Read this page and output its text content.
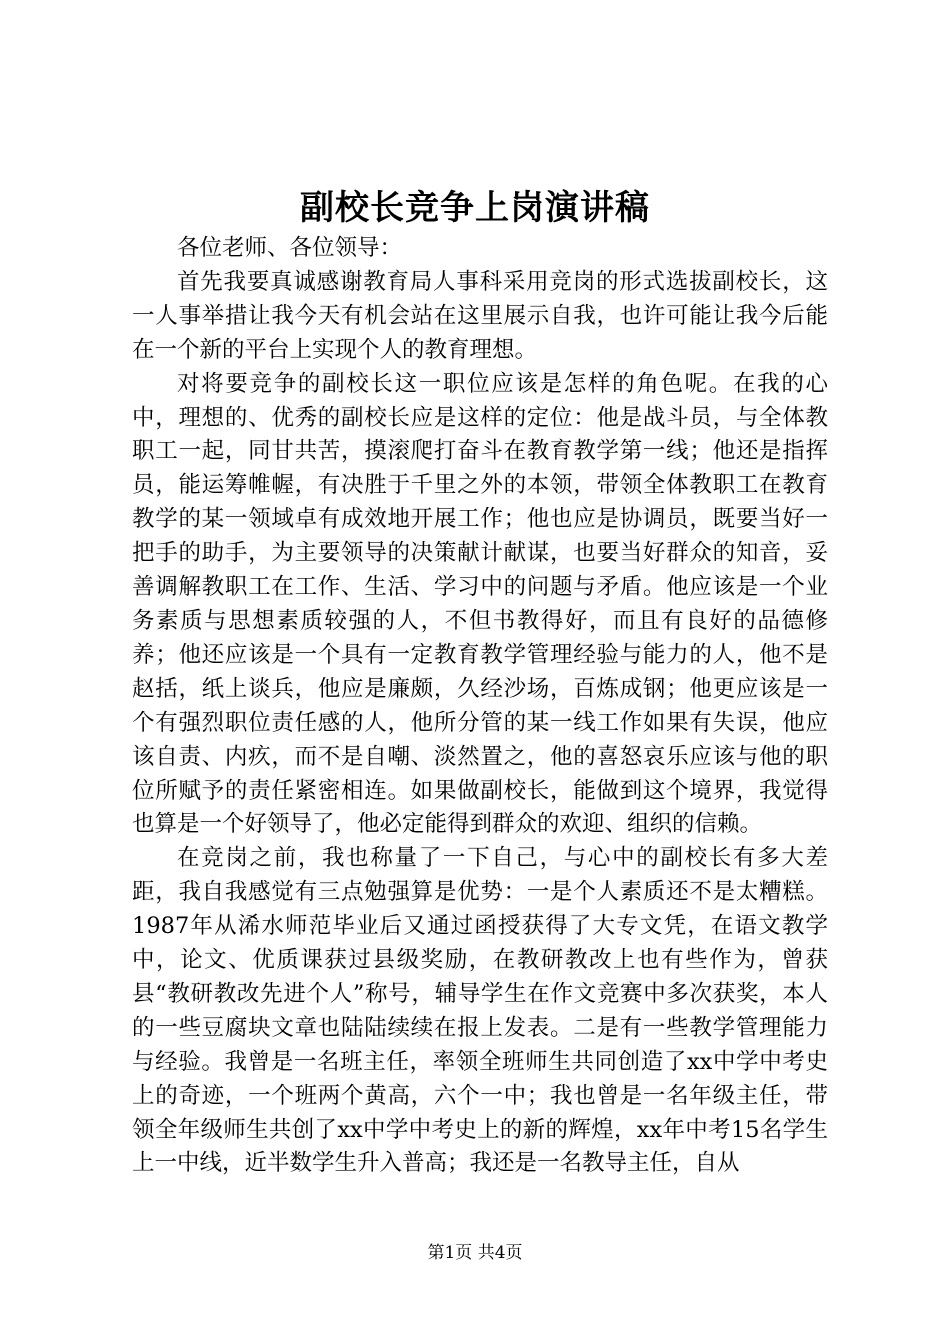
副校长竞争上岗演讲稿

各位老师、各位领导：

首先我要真诚感谢教育局人事科采用竞岗的形式选拔副校长，这一人事举措让我今天有机会站在这里展示自我，也许可能让我今后能在一个新的平台上实现个人的教育理想。

对将要竞争的副校长这一职位应该是怎样的角色呢。在我的心中，理想的、优秀的副校长应是这样的定位：他是战斗员，与全体教职工一起，同甘共苦，摸滚爬打奋斗在教育教学第一线；他还是指挥员，能运筹帷幄，有决胜于千里之外的本领，带领全体教职工在教育教学的某一领域卓有成效地开展工作；他也应是协调员，既要当好一把手的助手，为主要领导的决策献计献谋，也要当好群众的知音，妥善调解教职工在工作、生活、学习中的问题与矛盾。他应该是一个业务素质与思想素质较强的人，不但书教得好，而且有良好的品德修养；他还应该是一个具有一定教育教学管理经验与能力的人，他不是赵括，纸上谈兵，他应是廉颇，久经沙场，百炼成钢；他更应该是一个有强烈职位责任感的人，他所分管的某一线工作如果有失误，他应该自责、内疚，而不是自嘲、淡然置之，他的喜怒哀乐应该与他的职位所赋予的责任紧密相连。如果做副校长，能做到这个境界，我觉得也算是一个好领导了，他必定能得到群众的欢迎、组织的信赖。

在竞岗之前，我也称量了一下自己，与心中的副校长有多大差距，我自我感觉有三点勉强算是优势：一是个人素质还不是太糟糕。1987年从浠水师范毕业后又通过函授获得了大专文凭，在语文教学中，论文、优质课获过县级奖励，在教研教改上也有些作为，曾获县“教研教改先进个人”称号，辅导学生在作文竞赛中多次获奖，本人的一些豆腐块文章也陆陆续续在报上发表。二是有一些教学管理能力与经验。我曾是一名班主任，率领全班师生共同创造了xx中学中考史上的奇迹，一个班两个黄高，六个一中；我也曾是一名年级主任，带领全年级师生共创了xx中学中考史上的新的辉煌，xx年中考15名学生上一中线，近半数学生升入普高；我还是一名教导主任，自从

第1页 共4页
